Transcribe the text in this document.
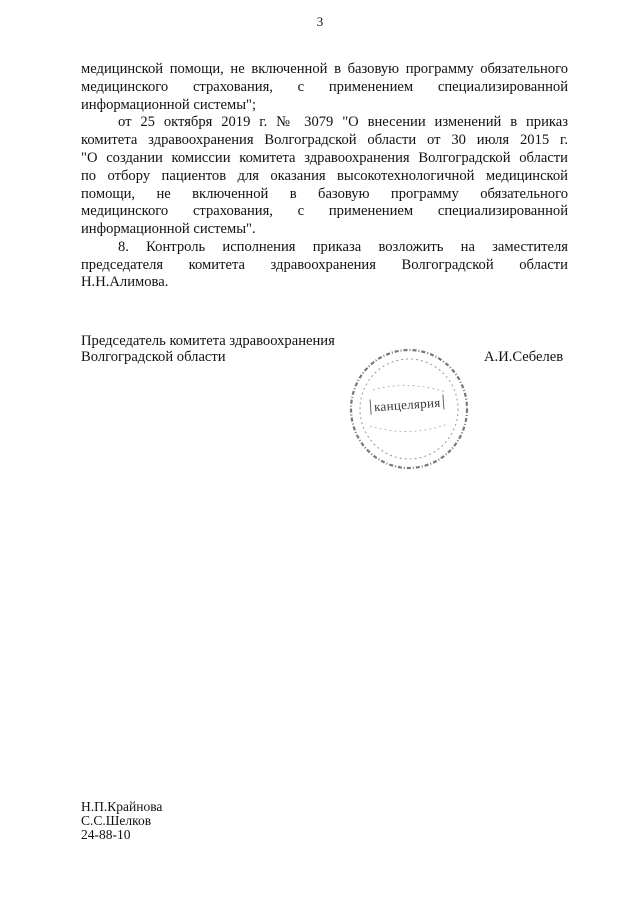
3
медицинской помощи, не включенной в базовую программу обязательного
медицинского страхования, с применением специализированной
информационной системы";
от 25 октября 2019 г. № 3079 "О внесении изменений в приказ
комитета здравоохранения Волгоградской области от 30 июля 2015 г.
"О создании комиссии комитета здравоохранения Волгоградской области
по отбору пациентов для оказания высокотехнологичной медицинской
помощи, не включенной в базовую программу обязательного
медицинского страхования, с применением специализированной
информационной системы".
8. Контроль исполнения приказа возложить на заместителя
председателя комитета здравоохранения Волгоградской области
Н.Н.Алимова.
Председатель комитета здравоохранения
Волгоградской области	А.И.Себелев
канцелярия
Н.П.Крайнова
С.С.Шелков
24-88-10
